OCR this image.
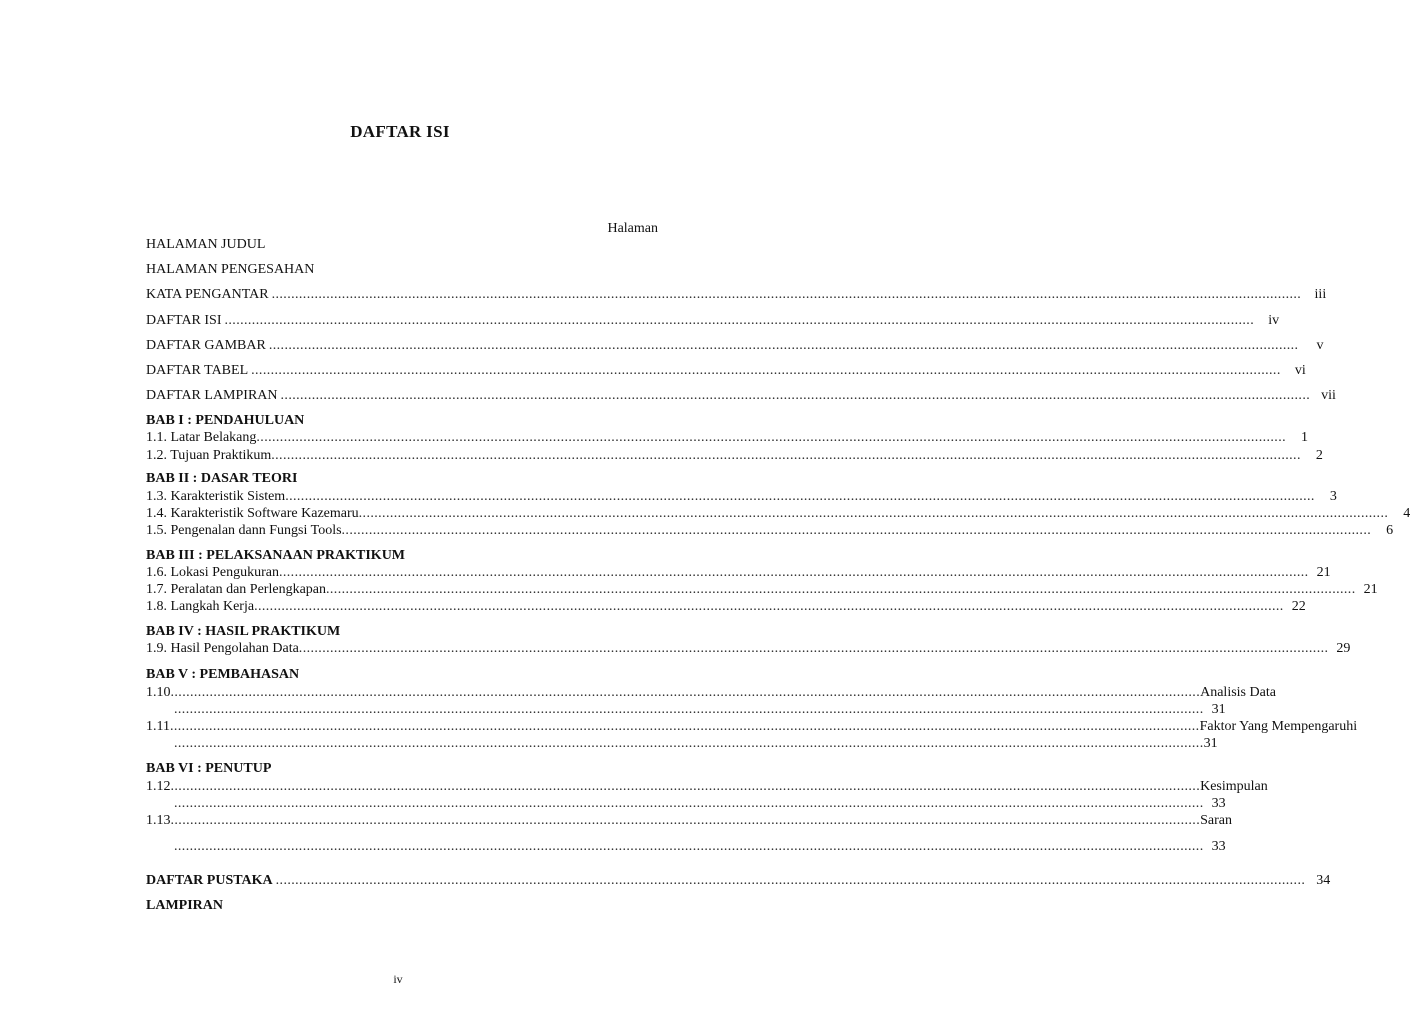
DAFTAR ISI
Halaman
HALAMAN JUDUL
HALAMAN PENGESAHAN
KATA PENGANTAR ........................................................................................................................................................................................................................................................................ iii
DAFTAR ISI ........................................................................................................................................................................................................................................................................	iv
DAFTAR GAMBAR ........................................................................................................................................................................................................................................................................	v
DAFTAR TABEL ........................................................................................................................................................................................................................................................................	vi
DAFTAR LAMPIRAN ........................................................................................................................................................................................................................................................................ vii
BAB I : PENDAHULUAN
1.1. Latar Belakang ........................................................................................................................................................................................................................................................................	1
1.2. Tujuan Praktikum ........................................................................................................................................................................................................................................................................	2
BAB II : DASAR TEORI
1.3. Karakteristik Sistem ........................................................................................................................................................................................................................................................................	3
1.4. Karakteristik Software Kazemaru ........................................................................................................................................................................................................................................................................	4
1.5. Pengenalan dann Fungsi Tools ........................................................................................................................................................................................................................................................................	6
BAB III : PELAKSANAAN PRAKTIKUM
1.6. Lokasi Pengukuran ........................................................................................................................................................................................................................................................................ 21
1.7. Peralatan dan Perlengkapan ........................................................................................................................................................................................................................................................................ 21
1.8. Langkah Kerja ........................................................................................................................................................................................................................................................................ 22
BAB IV : HASIL PRAKTIKUM
1.9. Hasil Pengolahan Data ........................................................................................................................................................................................................................................................................ 29
BAB V : PEMBAHASAN
1.10 ........................................................................................................................................................................................................................................................................ Analisis Data
........................................................................................................................................................................................................................................................................ 31
1.11 ........................................................................................................................................................................................................................................................................ Faktor Yang Mempengaruhi
........................................................................................................................................................................................................................................................................ 31
BAB VI : PENUTUP
1.12 ........................................................................................................................................................................................................................................................................ Kesimpulan
........................................................................................................................................................................................................................................................................ 33
1.13 ........................................................................................................................................................................................................................................................................ Saran
........................................................................................................................................................................................................................................................................ 33
DAFTAR PUSTAKA ........................................................................................................................................................................................................................................................................ 34
LAMPIRAN
iv
